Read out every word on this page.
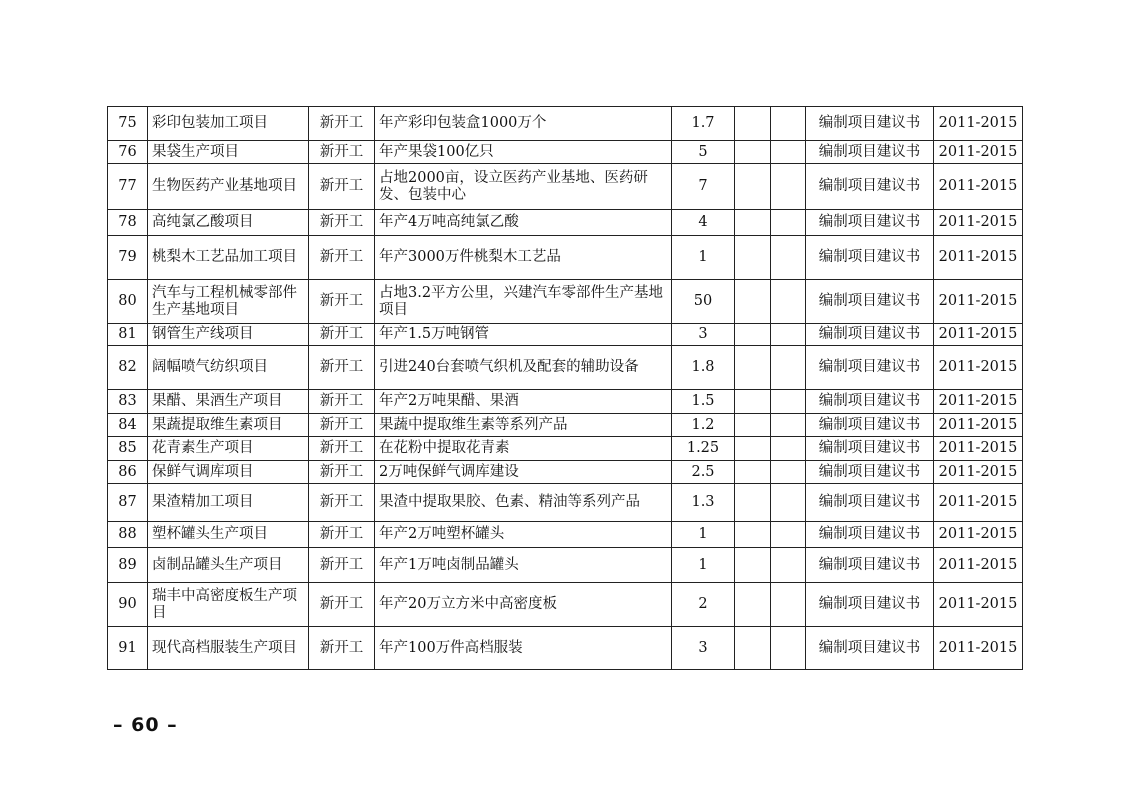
75	彩印包装加工项目	新开工	年产彩印包装盒1000万个	1.7			编制项目建议书	2011-2015
76	果袋生产项目	新开工	年产果袋100亿只	5			编制项目建议书	2011-2015
77	生物医药产业基地项目	新开工	占地2000亩，设立医药产业基地、医药研发、包装中心	7			编制项目建议书	2011-2015
78	高纯氯乙酸项目	新开工	年产4万吨高纯氯乙酸	4			编制项目建议书	2011-2015
79	桃梨木工艺品加工项目	新开工	年产3000万件桃梨木工艺品	1			编制项目建议书	2011-2015
80	汽车与工程机械零部件生产基地项目	新开工	占地3.2平方公里，兴建汽车零部件生产基地项目	50			编制项目建议书	2011-2015
81	钢管生产线项目	新开工	年产1.5万吨钢管	3			编制项目建议书	2011-2015
82	阔幅喷气纺织项目	新开工	引进240台套喷气织机及配套的辅助设备	1.8			编制项目建议书	2011-2015
83	果醋、果酒生产项目	新开工	年产2万吨果醋、果酒	1.5			编制项目建议书	2011-2015
84	果蔬提取维生素项目	新开工	果蔬中提取维生素等系列产品	1.2			编制项目建议书	2011-2015
85	花青素生产项目	新开工	在花粉中提取花青素	1.25			编制项目建议书	2011-2015
86	保鲜气调库项目	新开工	2万吨保鲜气调库建设	2.5			编制项目建议书	2011-2015
87	果渣精加工项目	新开工	果渣中提取果胶、色素、精油等系列产品	1.3			编制项目建议书	2011-2015
88	塑杯罐头生产项目	新开工	年产2万吨塑杯罐头	1			编制项目建议书	2011-2015
89	卤制品罐头生产项目	新开工	年产1万吨卤制品罐头	1			编制项目建议书	2011-2015
90	瑞丰中高密度板生产项目	新开工	年产20万立方米中高密度板	2			编制项目建议书	2011-2015
91	现代高档服装生产项目	新开工	年产100万件高档服装	3			编制项目建议书	2011-2015
– 60 –
